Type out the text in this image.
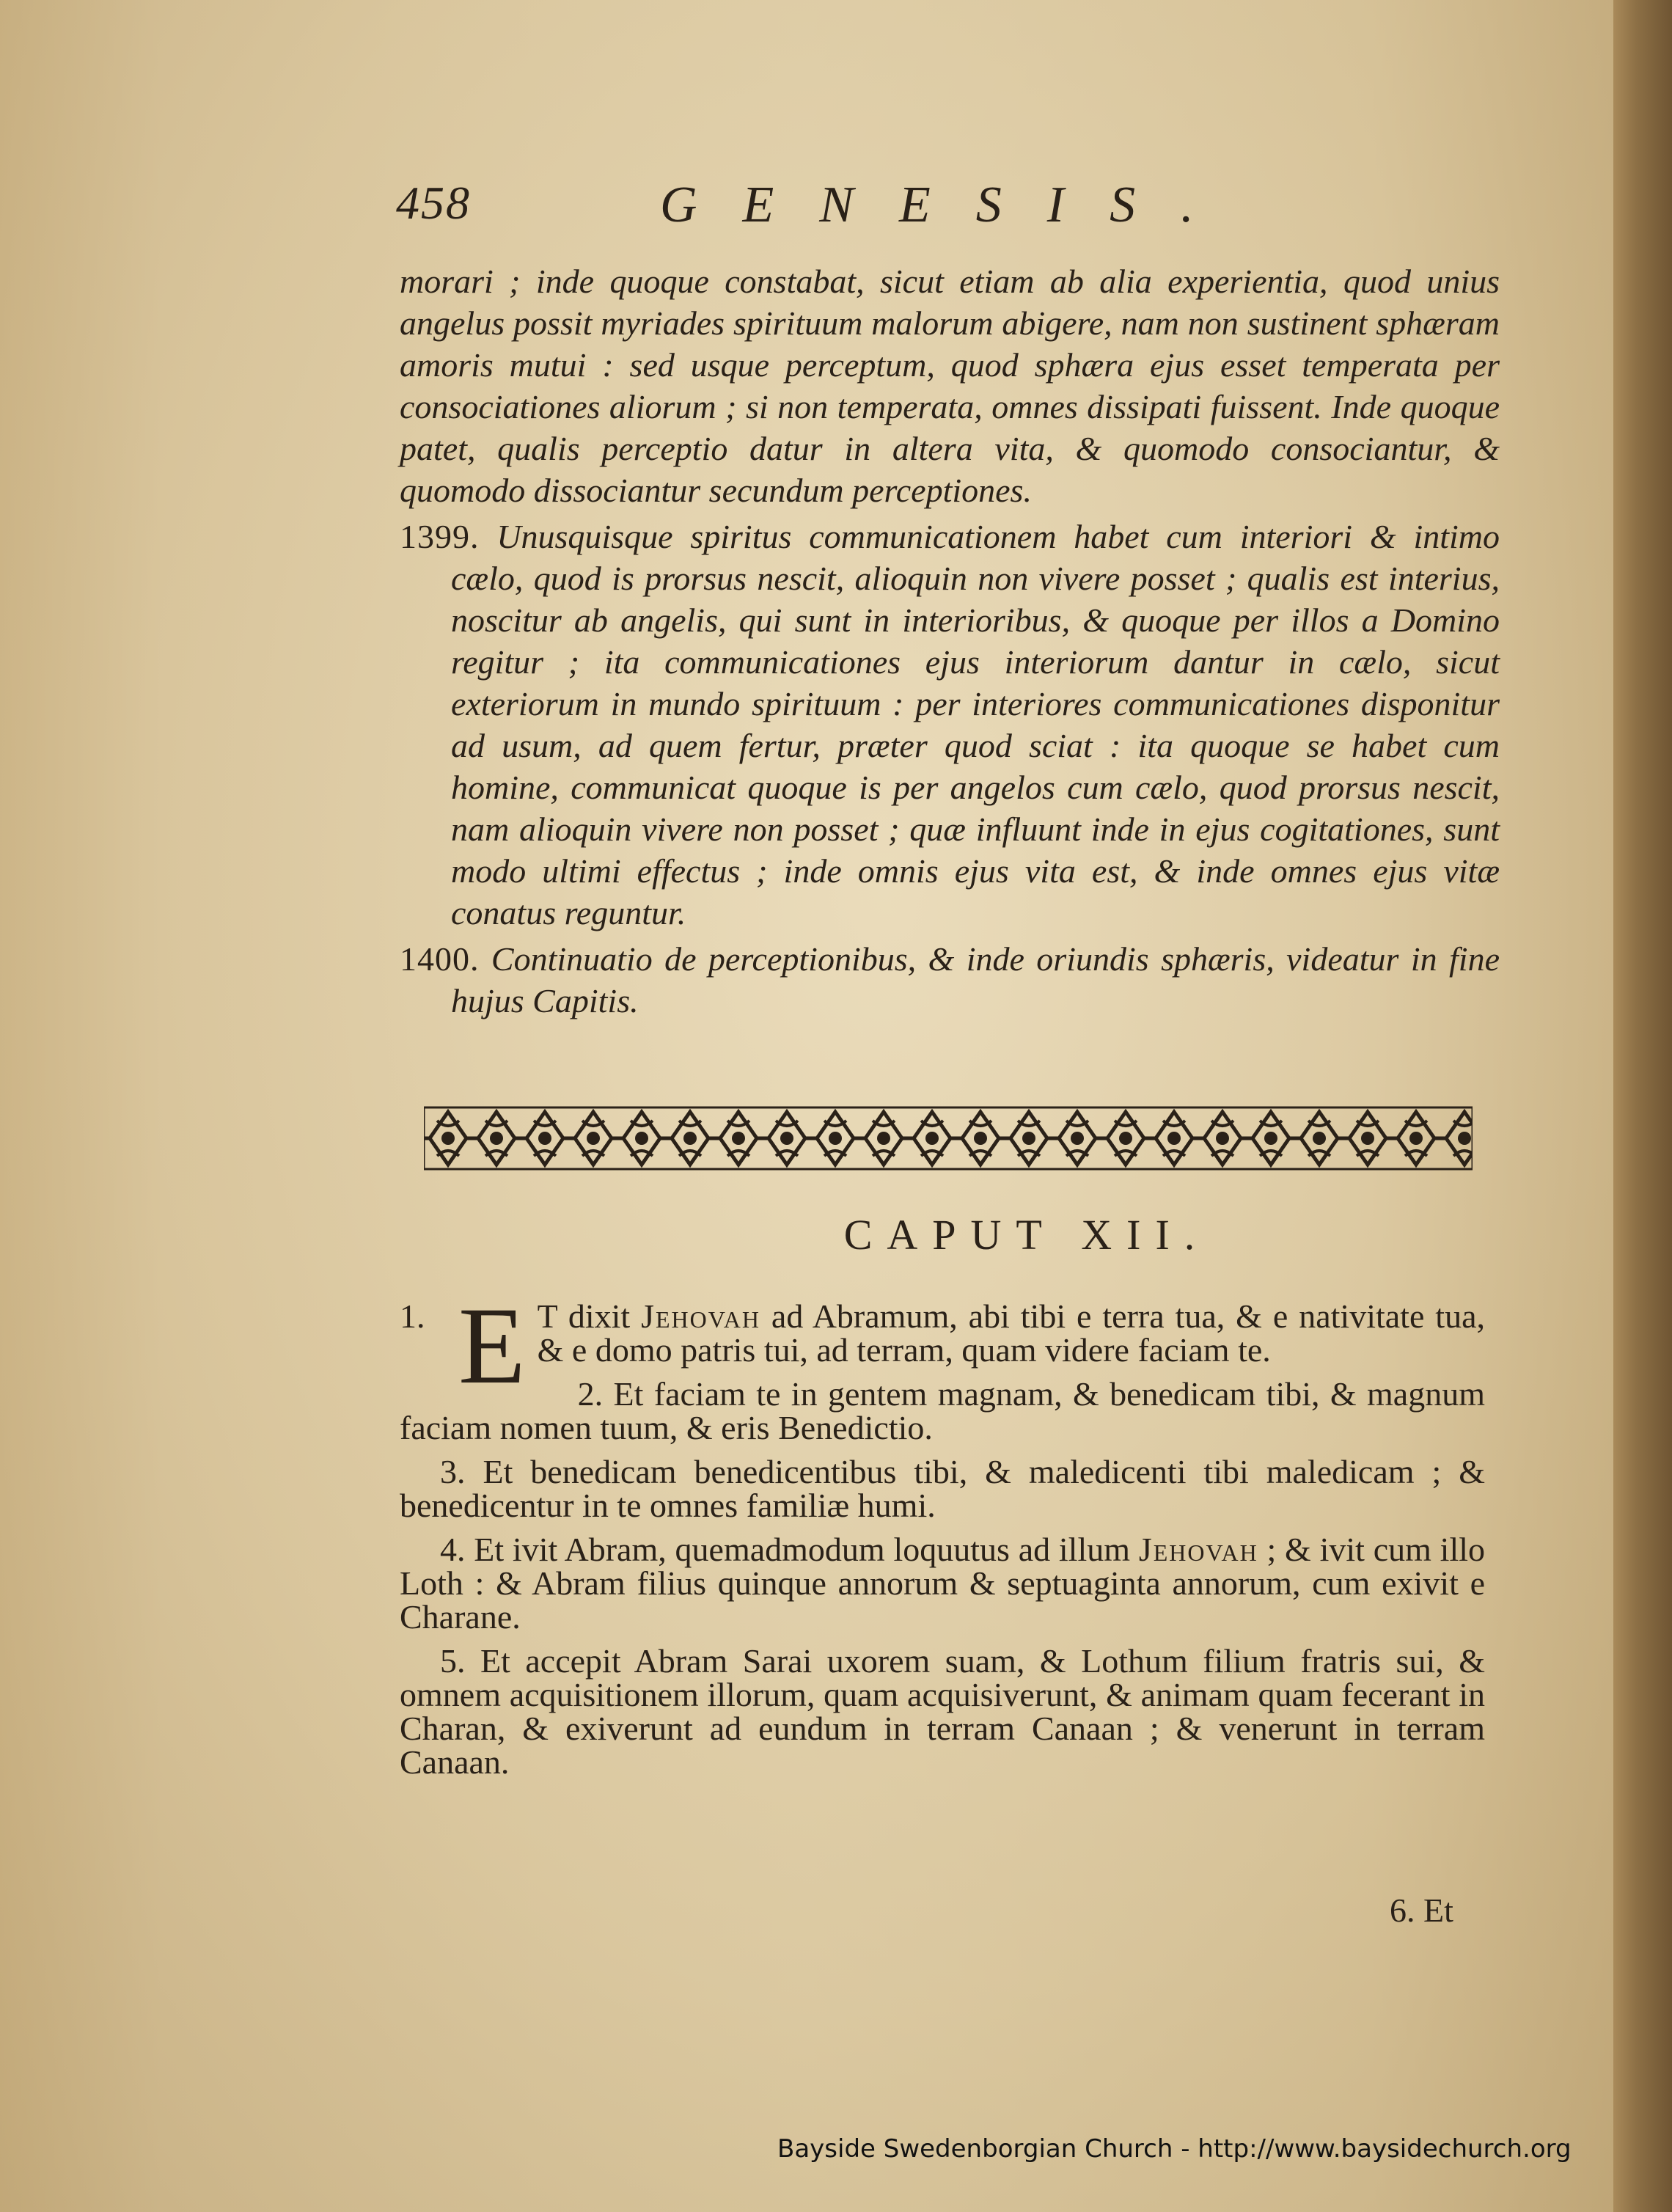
458	GENESIS.

morari ; inde quoque constabat, sicut etiam ab alia experientia, quod unius angelus possit myriades spirituum malorum abigere, nam non sustinent sphæram amoris mutui : sed usque perceptum, quod sphæra ejus esset temperata per consociationes aliorum ; si non temperata, omnes dissipati fuissent. Inde quoque patet, qualis perceptio datur in altera vita, & quomodo consociantur, & quomodo dissociantur secundum perceptiones.

1399. Unusquisque spiritus communicationem habet cum interiori & intimo cælo, quod is prorsus nescit, alioquin non vivere posset ; qualis est interius, noscitur ab angelis, qui sunt in interioribus, & quoque per illos a Domino regitur ; ita communicationes ejus interiorum dantur in cælo, sicut exteriorum in mundo spirituum : per interiores communicationes disponitur ad usum, ad quem fertur, præter quod sciat : ita quoque se habet cum homine, communicat quoque is per angelos cum cælo, quod prorsus nescit, nam alioquin vivere non posset ; quæ influunt inde in ejus cogitationes, sunt modo ultimi effectus ; inde omnis ejus vita est, & inde omnes ejus vitæ conatus reguntur.

1400. Continuatio de perceptionibus, & inde oriundis sphæris, videatur in fine hujus Capitis.

CAPUT XII.

1. E T dixit Jehovah ad Abramum, abi tibi e terra tua, & e nativitate tua, & e domo patris tui, ad terram, quam videre faciam te.

2. Et faciam te in gentem magnam, & benedicam tibi, & magnum faciam nomen tuum, & eris Benedictio.

3. Et benedicam benedicentibus tibi, & maledicenti tibi maledicam ; & benedicentur in te omnes familiæ humi.

4. Et ivit Abram, quemadmodum loquutus ad illum Jehovah ; & ivit cum illo Loth : & Abram filius quinque annorum & septuaginta annorum, cum exivit e Charane.

5. Et accepit Abram Sarai uxorem suam, & Lothum filium fratris sui, & omnem acquisitionem illorum, quam acquisiverunt, & animam quam fecerant in Charan, & exiverunt ad eundum in terram Canaan ; & venerunt in terram Canaan.

6. Et
Bayside Swedenborgian Church - http://www.baysidechurch.org
